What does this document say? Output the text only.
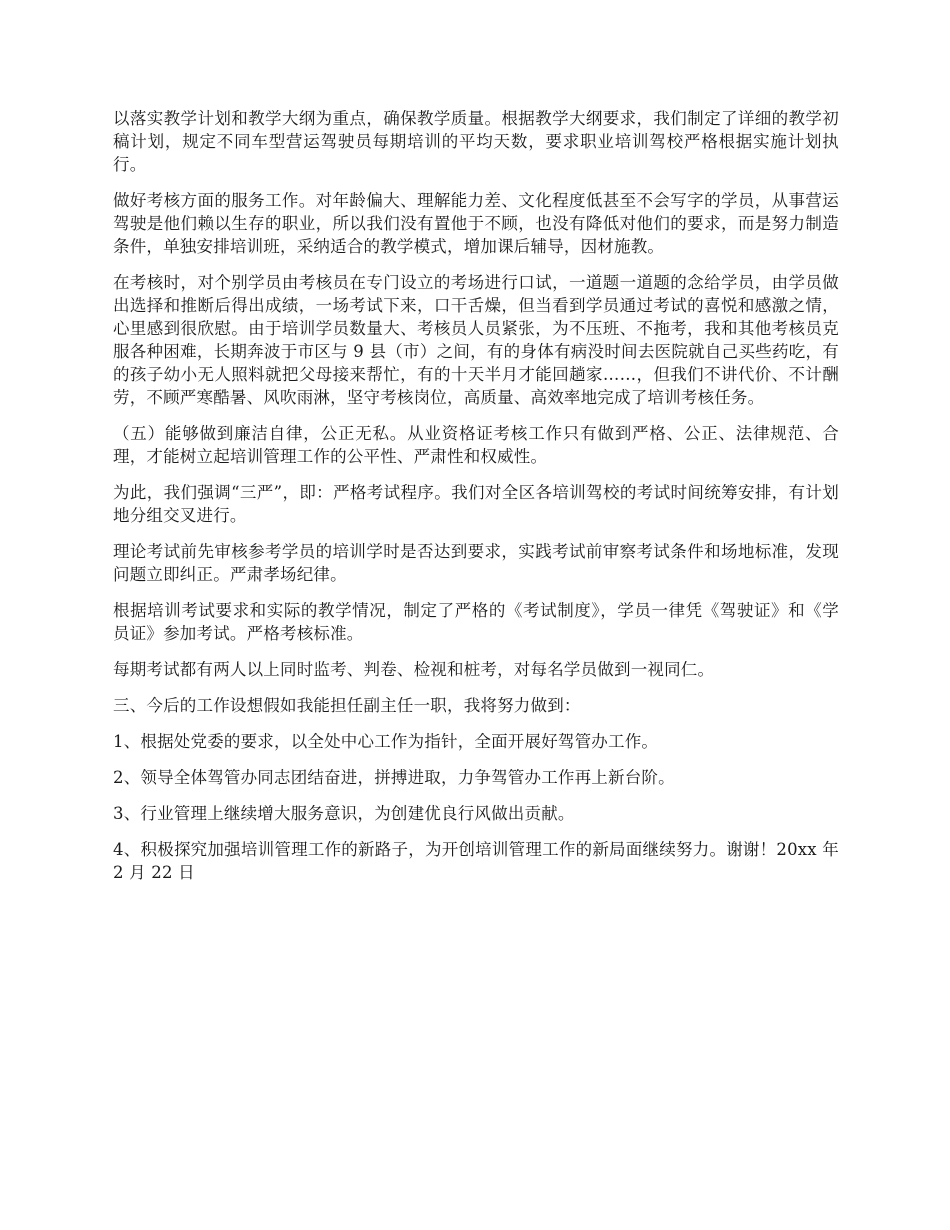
以落实教学计划和教学大纲为重点，确保教学质量。根据教学大纲要求，我们制定了详细的教学初稿计划，规定不同车型营运驾驶员每期培训的平均天数，要求职业培训驾校严格根据实施计划执行。

做好考核方面的服务工作。对年龄偏大、理解能力差、文化程度低甚至不会写字的学员，从事营运驾驶是他们赖以生存的职业，所以我们没有置他于不顾，也没有降低对他们的要求，而是努力制造条件，单独安排培训班，采纳适合的教学模式，增加课后辅导，因材施教。

在考核时，对个别学员由考核员在专门设立的考场进行口试，一道题一道题的念给学员，由学员做出选择和推断后得出成绩，一场考试下来，口干舌燥，但当看到学员通过考试的喜悦和感激之情，心里感到很欣慰。由于培训学员数量大、考核员人员紧张，为不压班、不拖考，我和其他考核员克服各种困难，长期奔波于市区与 9 县（市）之间，有的身体有病没时间去医院就自己买些药吃，有的孩子幼小无人照料就把父母接来帮忙，有的十天半月才能回趟家……，但我们不讲代价、不计酬劳，不顾严寒酷暑、风吹雨淋，坚守考核岗位，高质量、高效率地完成了培训考核任务。

（五）能够做到廉洁自律，公正无私。从业资格证考核工作只有做到严格、公正、法律规范、合理，才能树立起培训管理工作的公平性、严肃性和权威性。

为此，我们强调“三严”，即：严格考试程序。我们对全区各培训驾校的考试时间统筹安排，有计划地分组交叉进行。

理论考试前先审核参考学员的培训学时是否达到要求，实践考试前审察考试条件和场地标准，发现问题立即纠正。严肃孝场纪律。

根据培训考试要求和实际的教学情况，制定了严格的《考试制度》，学员一律凭《驾驶证》和《学员证》参加考试。严格考核标准。

每期考试都有两人以上同时监考、判卷、检视和桩考，对每名学员做到一视同仁。

三、今后的工作设想假如我能担任副主任一职，我将努力做到：

1、根据处党委的要求，以全处中心工作为指针，全面开展好驾管办工作。

2、领导全体驾管办同志团结奋进，拼搏进取，力争驾管办工作再上新台阶。

3、行业管理上继续增大服务意识，为创建优良行风做出贡献。

4、积极探究加强培训管理工作的新路子，为开创培训管理工作的新局面继续努力。谢谢！20xx 年 2 月 22 日
